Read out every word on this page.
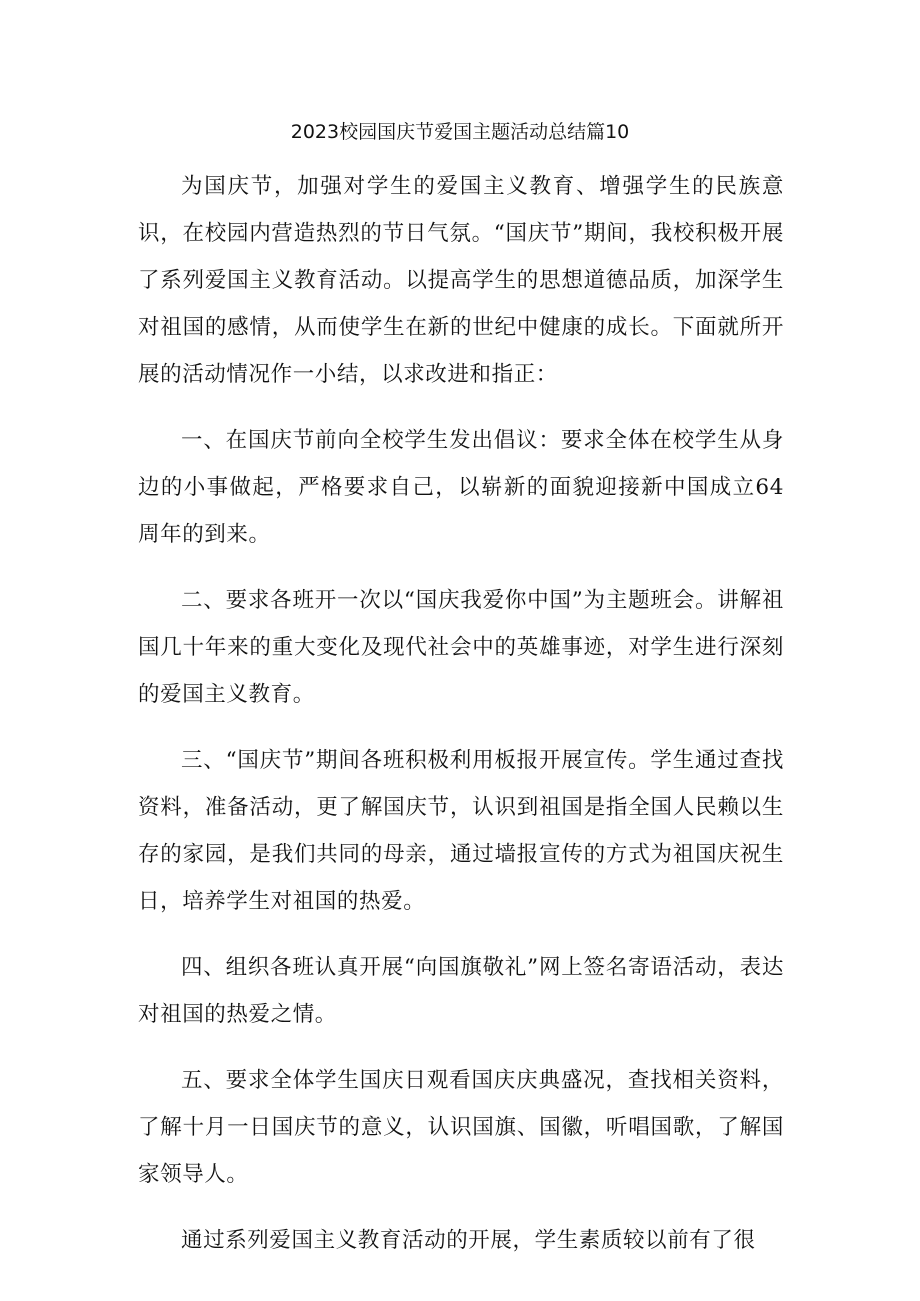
2023校园国庆节爱国主题活动总结篇10

为国庆节，加强对学生的爱国主义教育、增强学生的民族意识，在校园内营造热烈的节日气氛。“国庆节”期间，我校积极开展了系列爱国主义教育活动。以提高学生的思想道德品质，加深学生对祖国的感情，从而使学生在新的世纪中健康的成长。下面就所开展的活动情况作一小结，以求改进和指正：

一、在国庆节前向全校学生发出倡议：要求全体在校学生从身边的小事做起，严格要求自己，以崭新的面貌迎接新中国成立64周年的到来。

二、要求各班开一次以“国庆我爱你中国”为主题班会。讲解祖国几十年来的重大变化及现代社会中的英雄事迹，对学生进行深刻的爱国主义教育。

三、“国庆节”期间各班积极利用板报开展宣传。学生通过查找资料，准备活动，更了解国庆节，认识到祖国是指全国人民赖以生存的家园，是我们共同的母亲，通过墙报宣传的方式为祖国庆祝生日，培养学生对祖国的热爱。

四、组织各班认真开展“向国旗敬礼”网上签名寄语活动，表达对祖国的热爱之情。

五、要求全体学生国庆日观看国庆庆典盛况，查找相关资料，了解十月一日国庆节的意义，认识国旗、国徽，听唱国歌，了解国家领导人。

通过系列爱国主义教育活动的开展，学生素质较以前有了很
